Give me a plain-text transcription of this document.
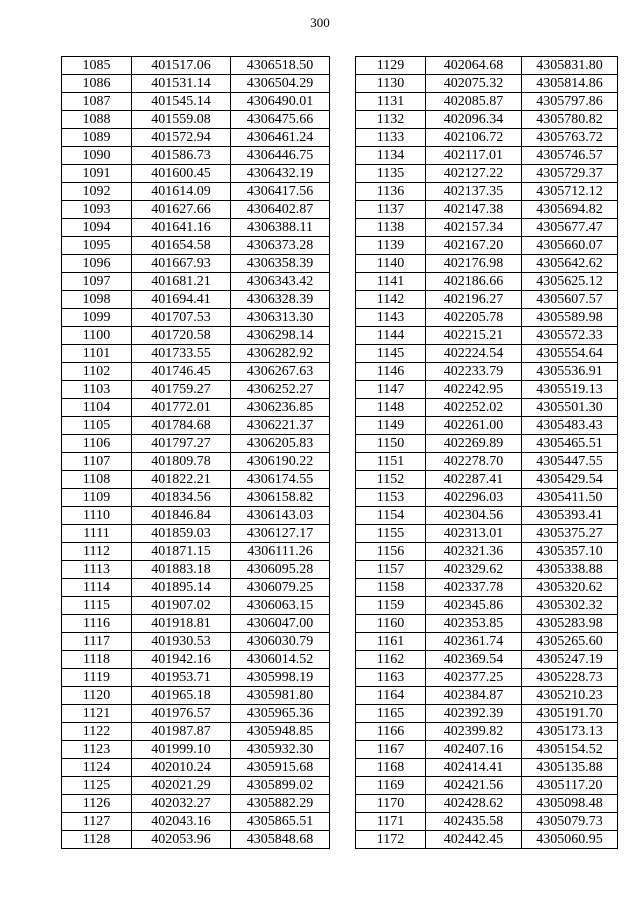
300
1085	401517.06	4306518.50
1086	401531.14	4306504.29
1087	401545.14	4306490.01
1088	401559.08	4306475.66
1089	401572.94	4306461.24
1090	401586.73	4306446.75
1091	401600.45	4306432.19
1092	401614.09	4306417.56
1093	401627.66	4306402.87
1094	401641.16	4306388.11
1095	401654.58	4306373.28
1096	401667.93	4306358.39
1097	401681.21	4306343.42
1098	401694.41	4306328.39
1099	401707.53	4306313.30
1100	401720.58	4306298.14
1101	401733.55	4306282.92
1102	401746.45	4306267.63
1103	401759.27	4306252.27
1104	401772.01	4306236.85
1105	401784.68	4306221.37
1106	401797.27	4306205.83
1107	401809.78	4306190.22
1108	401822.21	4306174.55
1109	401834.56	4306158.82
1110	401846.84	4306143.03
1111	401859.03	4306127.17
1112	401871.15	4306111.26
1113	401883.18	4306095.28
1114	401895.14	4306079.25
1115	401907.02	4306063.15
1116	401918.81	4306047.00
1117	401930.53	4306030.79
1118	401942.16	4306014.52
1119	401953.71	4305998.19
1120	401965.18	4305981.80
1121	401976.57	4305965.36
1122	401987.87	4305948.85
1123	401999.10	4305932.30
1124	402010.24	4305915.68
1125	402021.29	4305899.02
1126	402032.27	4305882.29
1127	402043.16	4305865.51
1128	402053.96	4305848.68
1129	402064.68	4305831.80
1130	402075.32	4305814.86
1131	402085.87	4305797.86
1132	402096.34	4305780.82
1133	402106.72	4305763.72
1134	402117.01	4305746.57
1135	402127.22	4305729.37
1136	402137.35	4305712.12
1137	402147.38	4305694.82
1138	402157.34	4305677.47
1139	402167.20	4305660.07
1140	402176.98	4305642.62
1141	402186.66	4305625.12
1142	402196.27	4305607.57
1143	402205.78	4305589.98
1144	402215.21	4305572.33
1145	402224.54	4305554.64
1146	402233.79	4305536.91
1147	402242.95	4305519.13
1148	402252.02	4305501.30
1149	402261.00	4305483.43
1150	402269.89	4305465.51
1151	402278.70	4305447.55
1152	402287.41	4305429.54
1153	402296.03	4305411.50
1154	402304.56	4305393.41
1155	402313.01	4305375.27
1156	402321.36	4305357.10
1157	402329.62	4305338.88
1158	402337.78	4305320.62
1159	402345.86	4305302.32
1160	402353.85	4305283.98
1161	402361.74	4305265.60
1162	402369.54	4305247.19
1163	402377.25	4305228.73
1164	402384.87	4305210.23
1165	402392.39	4305191.70
1166	402399.82	4305173.13
1167	402407.16	4305154.52
1168	402414.41	4305135.88
1169	402421.56	4305117.20
1170	402428.62	4305098.48
1171	402435.58	4305079.73
1172	402442.45	4305060.95
